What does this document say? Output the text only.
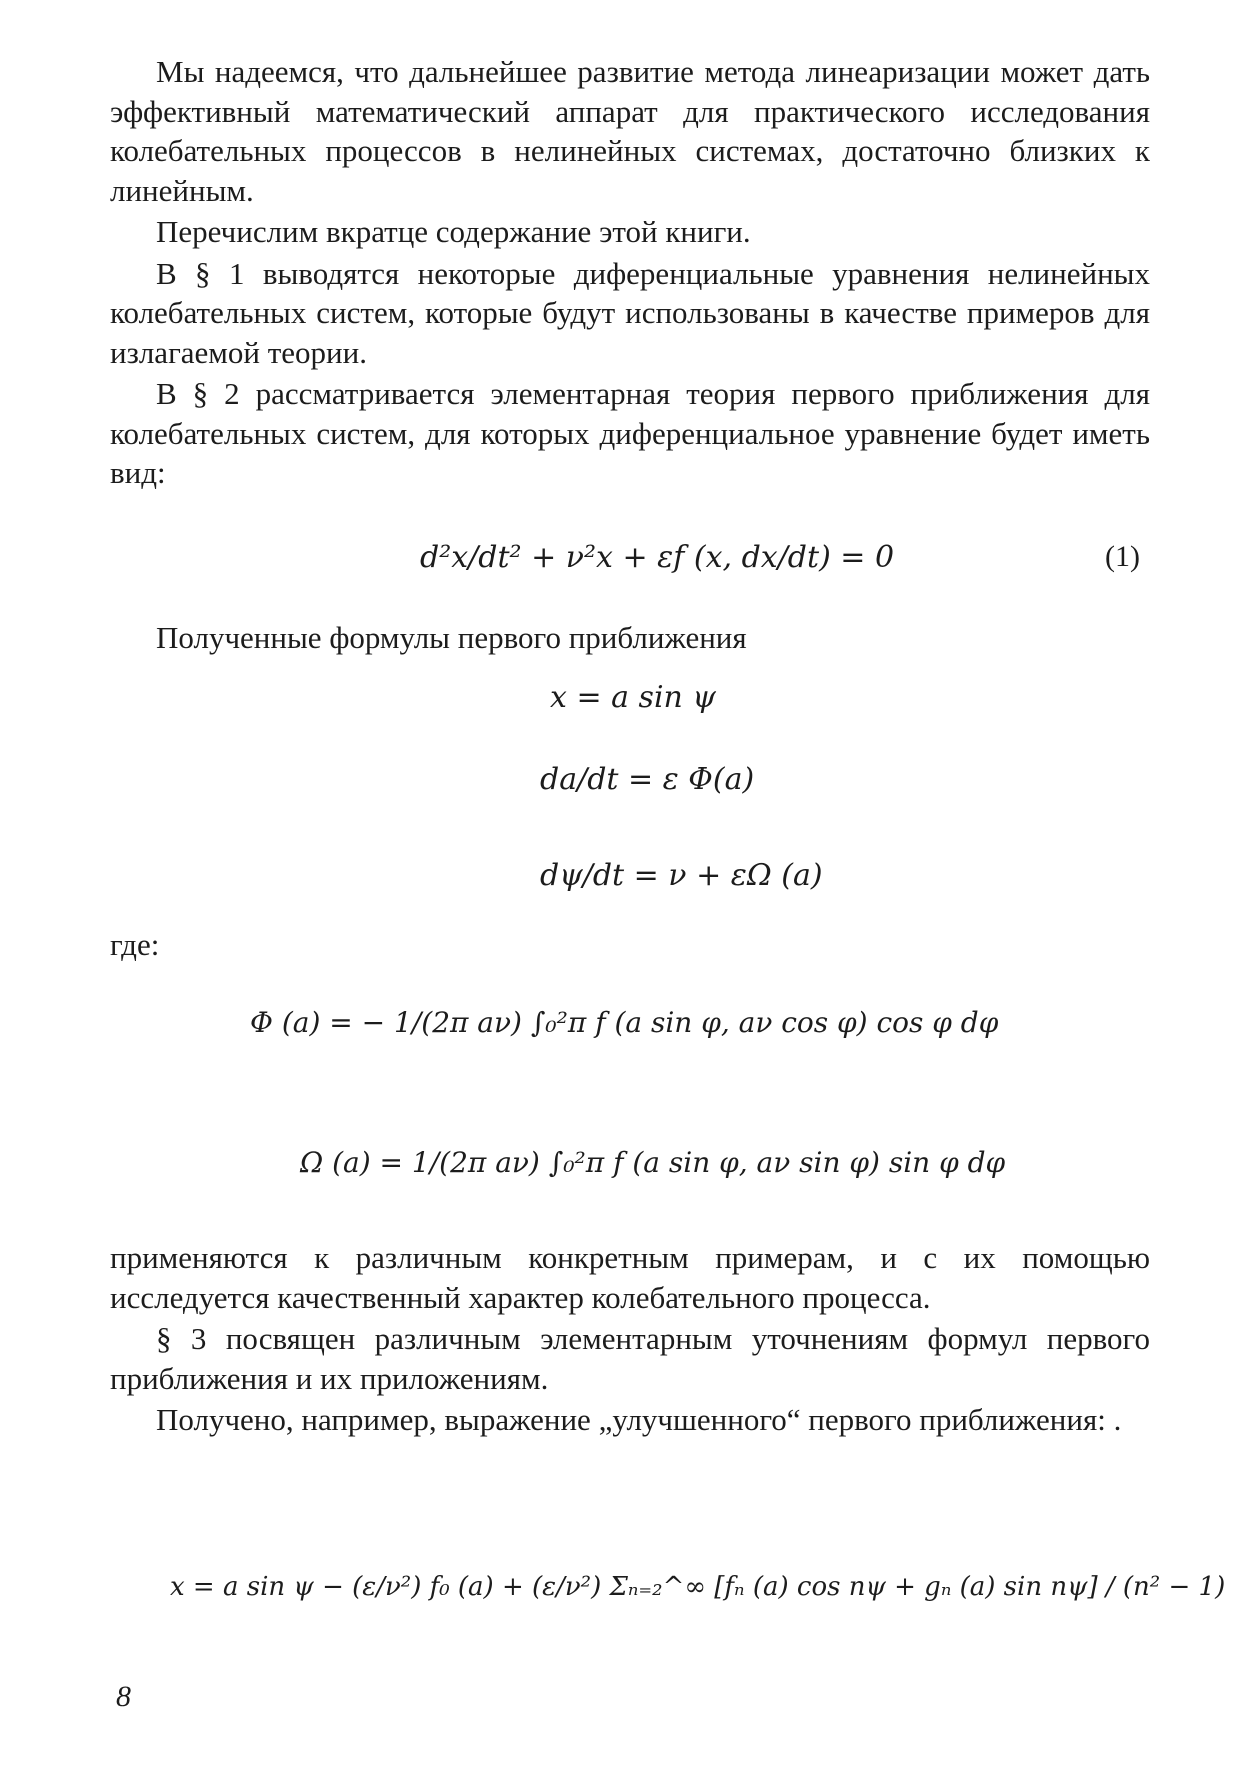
Мы надеемся, что дальнейшее развитие метода линеаризации может дать эффективный математический аппарат для практического исследования колебательных процессов в нелинейных системах, достаточно близких к линейным.

Перечислим вкратце содержание этой книги.

В § 1 выводятся некоторые диференциальные уравнения нелинейных колебательных систем, которые будут использованы в качестве примеров для излагаемой теории.

В § 2 рассматривается элементарная теория первого приближения для колебательных систем, для которых диференциальное уравнение будет иметь вид:

d²x/dt² + ν²x + εf (x, dx/dt) = 0	(1)

Полученные формулы первого приближения

x = a sin ψ
da/dt = ε Φ(a)
dψ/dt = ν + εΩ (a)

где:

Φ (a) = − 1/(2π aν) ∫₀²π f (a sin φ, aν cos φ) cos φ dφ
Ω (a) = 1/(2π aν) ∫₀²π f (a sin φ, aν sin φ) sin φ dφ

применяются к различным конкретным примерам, и с их помощью исследуется качественный характер колебательного процесса.

§ 3 посвящен различным элементарным уточнениям формул первого приближения и их приложениям.

Получено, например, выражение „улучшенного“ первого приближения: .

x = a sin ψ − (ε/ν²) f₀ (a) + (ε/ν²) Σₙ₌₂^∞ [fₙ (a) cos nψ + gₙ (a) sin nψ] / (n² − 1)
8
